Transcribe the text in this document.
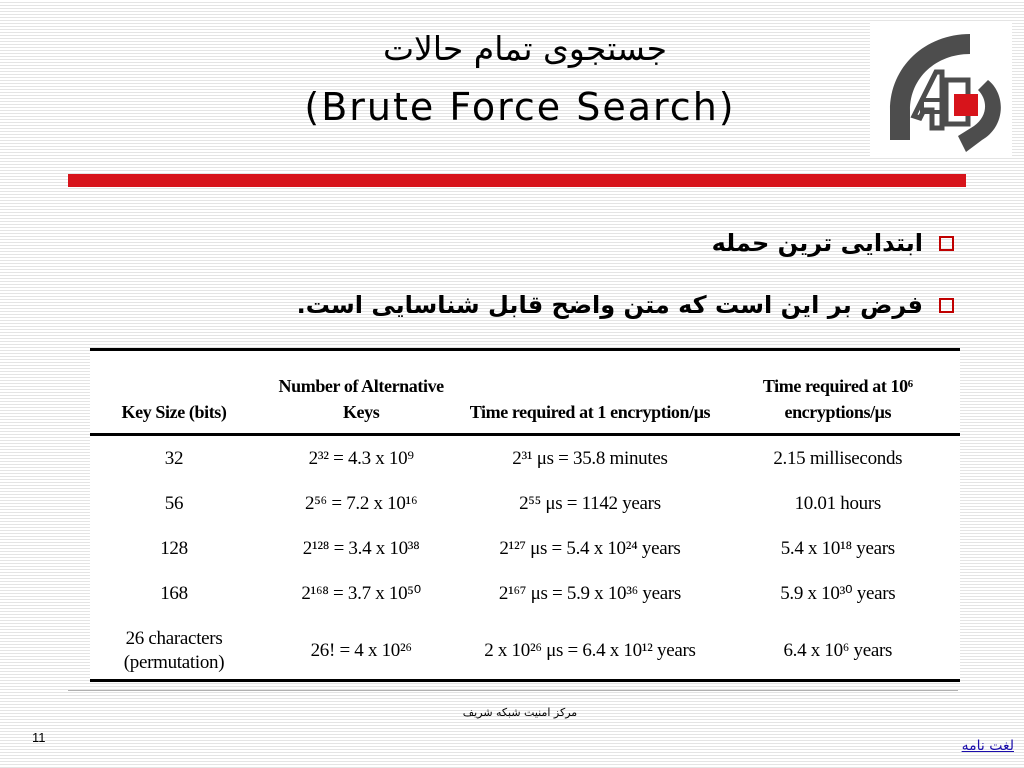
جستجوی تمام حالات
(Brute Force Search)
ابتدایی ترین حمله
فرض بر این است که متن واضح قابل شناسایی است.
Key Size (bits)	Number of Alternative Keys	Time required at 1 encryption/μs	Time required at 10⁶ encryptions/μs
32	2³² = 4.3 x 10⁹	2³¹ μs = 35.8 minutes	2.15 milliseconds
56	2⁵⁶ = 7.2 x 10¹⁶	2⁵⁵ μs = 1142 years	10.01 hours
128	2¹²⁸ = 3.4 x 10³⁸	2¹²⁷ μs = 5.4 x 10²⁴ years	5.4 x 10¹⁸ years
168	2¹⁶⁸ = 3.7 x 10⁵⁰	2¹⁶⁷ μs = 5.9 x 10³⁶ years	5.9 x 10³⁰ years
26 characters (permutation)	26! = 4 x 10²⁶	2 x 10²⁶ μs = 6.4 x 10¹² years	6.4 x 10⁶ years
مرکز امنیت شبکه شریف
11
لغت نامه
